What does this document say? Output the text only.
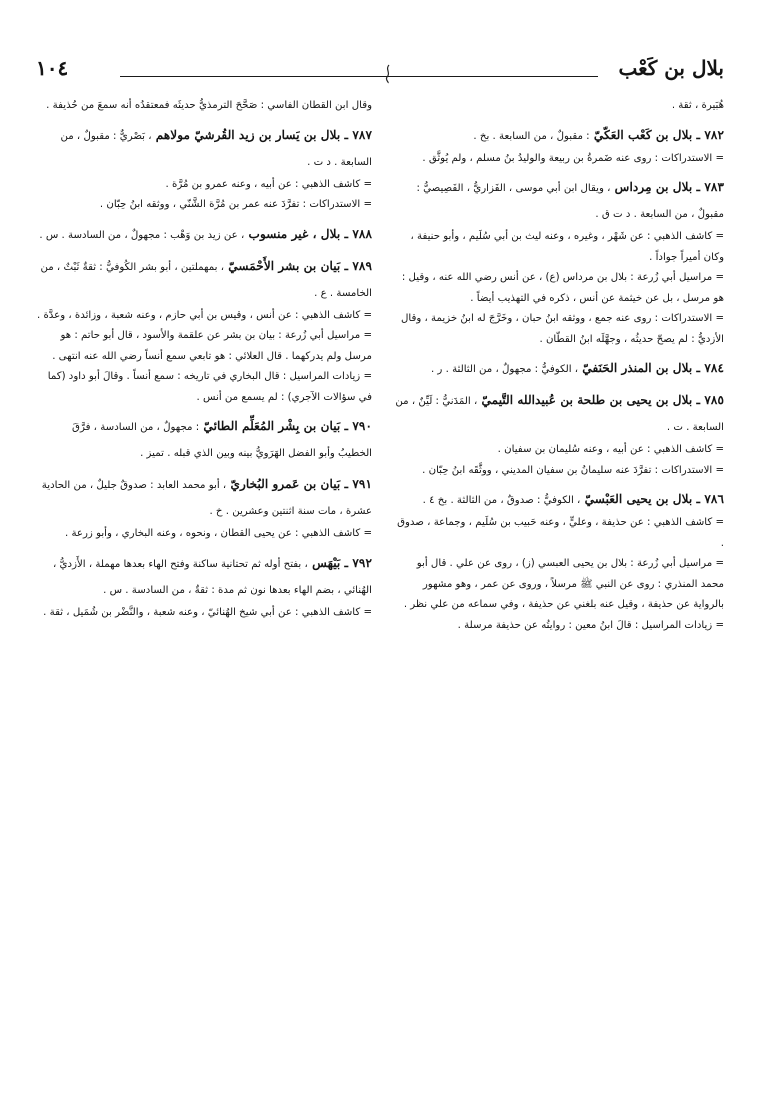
بلال بن كَعْب
١٠٤

هُبَيرة ، ثقة .

٧٨٢ ـ بلال بن كَعْب العَكّيّ : مقبولٌ ، من السابعة . بخ .

= الاستدراكات : روى عنه ضَمرةُ بن ربيعة والوليدُ بنُ مسلم ، ولم يُوثَّق .

٧٨٣ ـ بلال بن مِرداس ، ويقال ابن أبي موسى ، الفَزاريُّ ، الفَصِيصيُّ : مقبولٌ ، من السابعة . د ت ق .

= كاشف الذهبي : عن شَهْر ، وغيره ، وعنه ليث بن أبي سُلَيم ، وأبو حنيفة ، وكان أميراً جواداً .

= مراسيل أبي زُرعة : بلال بن مرداس (ع) ، عن أنس رضي الله عنه ، وقيل : هو مرسل ، بل عن خيثمة عن أنس ، ذكره في التهذيب أيضاً .

= الاستدراكات : روى عنه جمع ، ووثقه ابنُ حبان ، وخَرَّجَ له ابنُ خزيمة ، وقال الأزديُّ : لم يصحّ حديثُه ، وجهَّلَه ابنُ القطّان .

٧٨٤ ـ بلال بن المنذر الحَنَفيّ ، الكوفيُّ : مجهولٌ ، من الثالثة . ر .
٧٨٥ ـ بلال بن يحيى بن طلحة بن عُبيدالله التَّيميّ ، المَدَنيُّ : لَيِّنٌ ، من السابعة . ت .

= كاشف الذهبي : عن أبيه ، وعنه سُليمان بن سفيان .

= الاستدراكات : تفرَّدَ عنه سليمانُ بن سفيان المديني ، ووثَّقَه ابنُ حِبّان .

٧٨٦ ـ بلال بن يحيى العَبْسيّ ، الكوفيُّ : صدوقٌ ، من الثالثة . بخ ٤ .

= كاشف الذهبي : عن حذيفة ، وعليٍّ ، وعنه حَبيب بن سُلَيم ، وجماعة ، صدوق .

= مراسيل أبي زُرعة : بلال بن يحيى العبسي (ز) ، روى عن علي . قال أبو محمد المنذري : روى عن النبي ﷺ مرسلاً ، وروى عن عمر ، وهو مشهور بالرواية عن حذيفة ، وقيل عنه بلغني عن حذيفة ، وفي سماعه من علي نظر .

= زيادات المراسيل : قالَ ابنُ معين : روايتُه عن حذيفة مرسلة .

وقال ابن القطان الفاسي : صَحَّحَ الترمذيُّ حديثَه فمعتقدُه أنه سمعَ من حُذيفة .

٧٨٧ ـ بلال بن يَسار بن زيد القُرشيّ مولاهم ، بَصْريٌّ : مقبولٌ ، من السابعة . د ت .

= كاشف الذهبي : عن أبيه ، وعنه عمرو بن مُرَّة .

= الاستدراكات : تفرَّدَ عنه عمر بن مُرَّة الشَّنّي ، ووثقه ابنُ حِبّان .

٧٨٨ ـ بلال ، غير منسوب ، عن زيد بن وَهْب : مجهولٌ ، من السادسة . س .
٧٨٩ ـ بَيان بن بشر الأَحْمَسيّ ، بمهملتين ، أبو بشر الكُوفيُّ : ثقةٌ ثَبْتٌ ، من الخامسة . ع .

= كاشف الذهبي : عن أنس ، وقيس بن أبي حازم ، وعنه شعبة ، وزائدة ، وعدَّة .

= مراسيل أبي زُرعة : بيان بن بشر عن علقمة والأسود ، قال أبو حاتم : هو مرسل ولم يدركهما . قال العلائي : هو تابعي سمع أنساً رضي الله عنه انتهى .

= زيادات المراسيل : قال البخاري في تاريخه : سمع أنساً . وقالَ أبو داود (كما في سؤالات الآجري) : لم يسمع من أنس .

٧٩٠ ـ بَيان بن بِشْر المُعَلِّم الطائيّ : مجهولٌ ، من السادسة ، فرَّقَ الخطيبُ وأبو الفضل الهَرَويُّ بينه وبين الذي قبله . تميز .
٧٩١ ـ بَيان بن عَمرو البُخاريّ ، أبو محمد العابد : صدوقٌ جليلٌ ، من الحادية عشرة ، مات سنة اثنتين وعشرين . خ .

= كاشف الذهبي : عن يحيى القطان ، ونحوه ، وعنه البخاري ، وأبو زرعة .

٧٩٢ ـ بَيْهَس ، بفتح أوله ثم تحتانية ساكنة وفتح الهاء بعدها مهملة ، الأَزديُّ ، الهُنائي ، بضم الهاء بعدها نون ثم مدة : ثقةٌ ، من السادسة . س .

= كاشف الذهبي : عن أبي شيخ الهُنائيّ ، وعنه شعبة ، والنَّضْر بن شُمَيل ، ثقة .
